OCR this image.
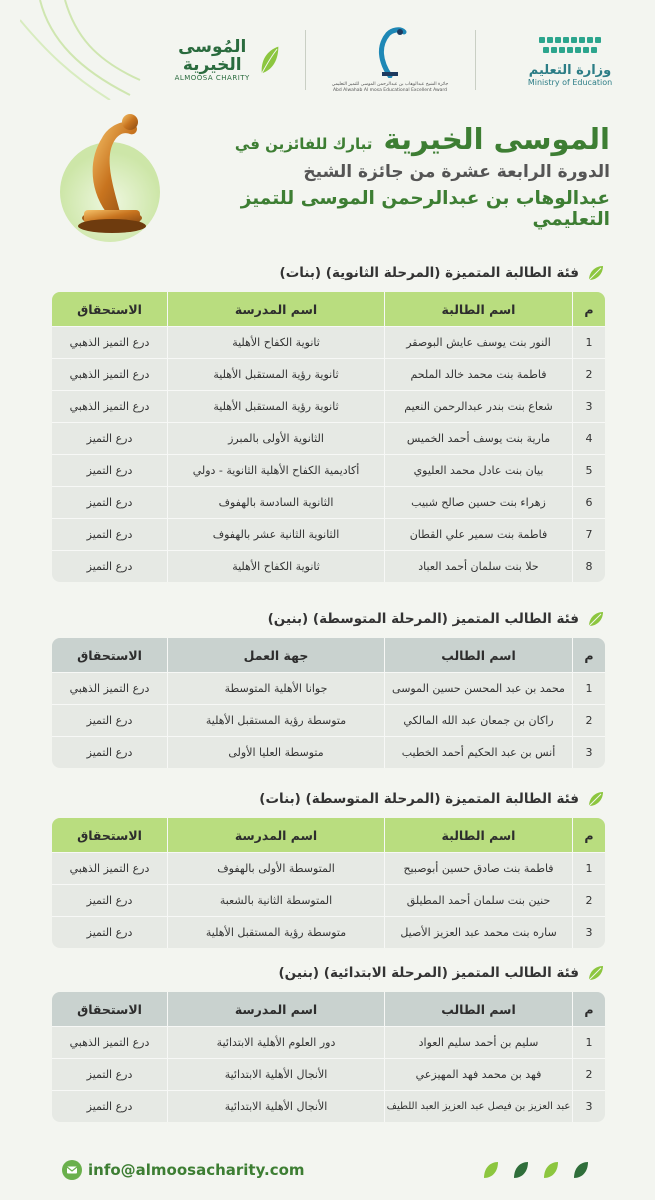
وزارة التعليم
Ministry of Education
جائزة الشيخ عبدالوهاب بن عبدالرحمن الموسى للتميز التعليمي
Abd Alwahab Al mosa Educational Excellent Award
المُوسى الخيرية
ALMOOSA CHARITY
الموسى الخيرية تبارك للفائزين في
الدورة الرابعة عشرة من جائزة الشيخ
عبدالوهاب بن عبدالرحمن الموسى للتميز التعليمي
فئة الطالبة المتميزة (المرحلة الثانوية) (بنات)
م
اسم الطالبة
اسم المدرسة
الاستحقاق
1
النور بنت يوسف عايش البوصقر
ثانوية الكفاح الأهلية
درع التميز الذهبي
2
فاطمة بنت محمد خالد الملحم
ثانوية رؤية المستقبل الأهلية
درع التميز الذهبي
3
شعاع بنت بندر عبدالرحمن النعيم
ثانوية رؤية المستقبل الأهلية
درع التميز الذهبي
4
مارية بنت يوسف أحمد الخميس
الثانوية الأولى بالمبرز
درع التميز
5
بيان بنت عادل محمد العليوي
أكاديمية الكفاح الأهلية الثانوية - دولي
درع التميز
6
زهراء بنت حسين صالح شبيب
الثانوية السادسة بالهفوف
درع التميز
7
فاطمة بنت سمير علي القطان
الثانوية الثانية عشر بالهفوف
درع التميز
8
حلا بنت سلمان أحمد العباد
ثانوية الكفاح الأهلية
درع التميز
فئة الطالب المتميز (المرحلة المتوسطة) (بنين)
م
اسم الطالب
جهة العمل
الاستحقاق
1
محمد بن عبد المحسن حسين الموسى
جوانا الأهلية المتوسطة
درع التميز الذهبي
2
راكان بن جمعان عبد الله المالكي
متوسطة رؤية المستقبل الأهلية
درع التميز
3
أنس بن عبد الحكيم أحمد الخطيب
متوسطة العليا الأولى
درع التميز
فئة الطالبة المتميزة (المرحلة المتوسطة) (بنات)
م
اسم الطالبة
اسم المدرسة
الاستحقاق
1
فاطمة بنت صادق حسين أبوصبيح
المتوسطة الأولى بالهفوف
درع التميز الذهبي
2
حنين بنت سلمان أحمد المطيلق
المتوسطة الثانية بالشعبة
درع التميز
3
ساره بنت محمد عبد العزيز الأصيل
متوسطة رؤية المستقبل الأهلية
درع التميز
فئة الطالب المتميز (المرحلة الابتدائية) (بنين)
م
اسم الطالب
اسم المدرسة
الاستحقاق
1
سليم بن أحمد سليم العواد
دور العلوم الأهلية الابتدائية
درع التميز الذهبي
2
فهد بن محمد فهد المهيزعي
الأنجال الأهلية الابتدائية
درع التميز
3
عبد العزيز بن فيصل عبد العزيز العبد اللطيف
الأنجال الأهلية الابتدائية
درع التميز
info@almoosacharity.com
